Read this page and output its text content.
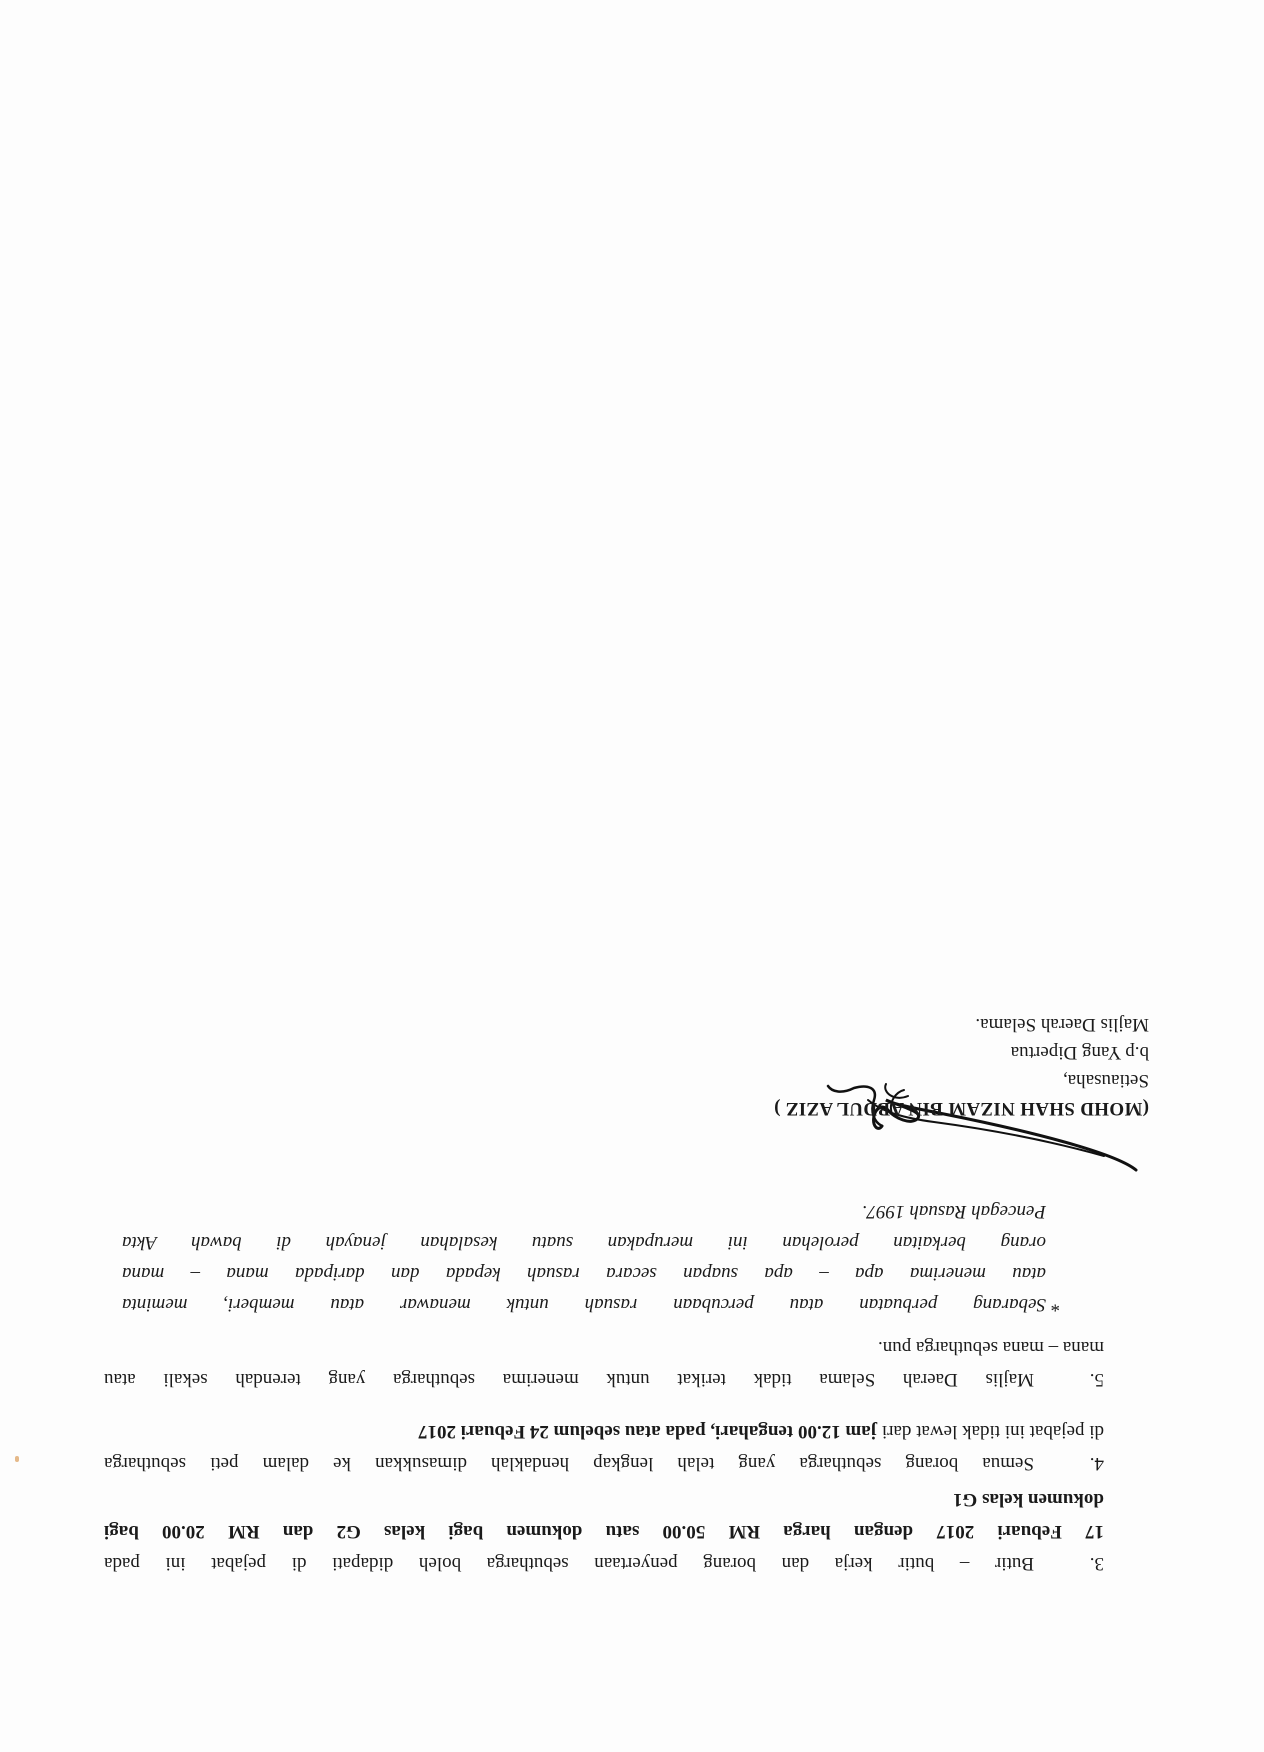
3.
Butir – butir kerja dan borang penyertaan sebutharga boleh didapati di pejabat ini pada
17 Febuari 2017 dengan harga RM 50.00 satu dokumen bagi kelas G2 dan RM 20.00 bagi
dokumen kelas G1
4.
Semua borang sebutharga yang telah lengkap hendaklah dimasukkan ke dalam peti sebutharga
di pejabat ini tidak lewat dari jam 12.00 tengahari, pada atau sebelum 24 Febuari 2017
5.
Majlis Daerah Selama tidak terikat untuk menerima sebutharga yang terendah sekali atau
mana – mana sebutharga pun.
*
Sebarang perbuatan atau percubaan rasuah untuk menawar atau memberi, meminta
atau menerima apa – apa suapan secara rasuah kepada dan daripada mana – mana
orang berkaitan perolehan ini merupakan suatu kesalahan jenayah di bawah Akta
Pencegah Rasuah 1997.
(MOHD SHAH NIZAM BIN ABDUL AZIZ )
Setiausaha,
b.p Yang Dipertua
Majlis Daerah Selama.
